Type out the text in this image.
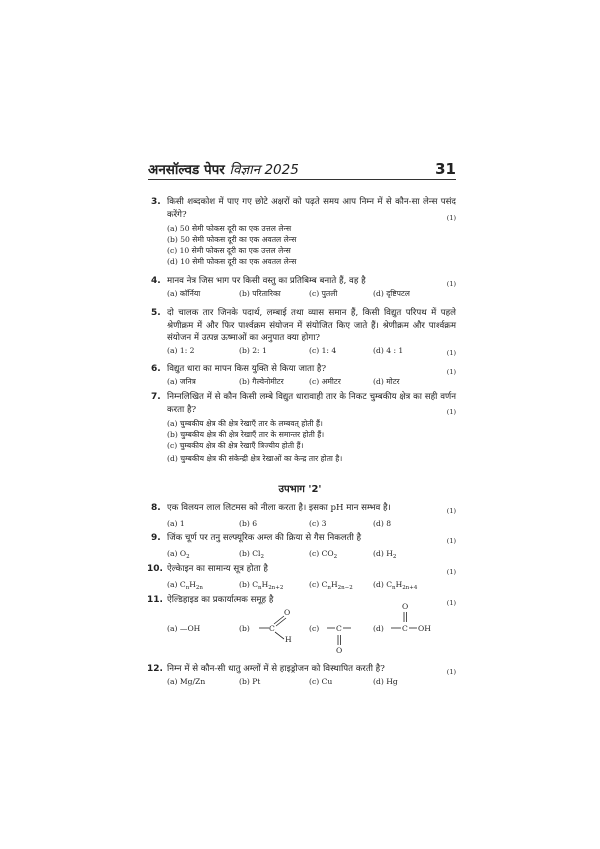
अनसॉल्वड पेपर विज्ञान 2025	31
3. किसी शब्दकोश में पाए गए छोटे अक्षरों को पढ़ते समय आप निम्न में से कौन-सा लेन्स पसंद करेंगे?	(1)
(a) 50 सेमी फोकस दूरी का एक उत्तल लेन्स
(b) 50 सेमी फोकस दूरी का एक अवतल लेन्स
(c) 10 सेमी फोकस दूरी का एक उत्तल लेन्स
(d) 10 सेमी फोकस दूरी का एक अवतल लेन्स
4. मानव नेत्र जिस भाग पर किसी वस्तु का प्रतिबिम्ब बनाते हैं, वह है	(1)
(a) कॉर्निया	(b) परितारिका	(c) पुतली	(d) दृष्टिपटल
5. दो चालक तार जिनके पदार्थ, लम्बाई तथा व्यास समान हैं, किसी विद्युत परिपथ में पहले श्रेणीक्रम में और फिर पार्श्वक्रम संयोजन में संयोजित किए जाते हैं। श्रेणीक्रम और पार्श्वक्रम संयोजन में उत्पन्न ऊष्माओं का अनुपात क्या होगा?
(1)
(a) 1: 2	(b) 2: 1	(c) 1: 4	(d) 4 : 1
6. विद्युत धारा का मापन किस युक्ति से किया जाता है?	(1)
(a) जनित्र	(b) गैल्वेनोमीटर	(c) अमीटर	(d) मोटर
7. निम्नलिखित में से कौन किसी लम्बे विद्युत धारावाही तार के निकट चुम्बकीय क्षेत्र का सही वर्णन करता है?	(1)
(a) चुम्बकीय क्षेत्र की क्षेत्र रेखाएँ तार के लम्बवत् होती हैं।
(b) चुम्बकीय क्षेत्र की क्षेत्र रेखाएँ तार के समान्तर होती हैं।
(c) चुम्बकीय क्षेत्र की क्षेत्र रेखाएँ त्रिज्यीय होती हैं।
(d) चुम्बकीय क्षेत्र की संकेन्द्री क्षेत्र रेखाओं का केन्द्र तार होता है।
उपभाग '2'
8. एक विलयन लाल लिटमस को नीला करता है। इसका pH मान सम्भव है।	(1)
(a) 1	(b) 6	(c) 3	(d) 8
9. जिंक चूर्ण पर तनु सल्फ्यूरिक अम्ल की क्रिया से गैस निकलती है	(1)
(a) $O_2$	(b) $Cl_2$	(c) $CO_2$	(d) $H_2$
10. ऐल्केाइन का सामान्य सूत्र होता है	(1)
(a) $C_nH_{2n}$	(b) $C_nH_{2n+2}$	(c) $C_nH_{2n-2}$	(d) $C_nH_{2n+4}$
11. ऐल्डिहाइड का प्रकार्यात्मक समूह है	(1)
(a) —OH	(b)	C
O
H
(c) C
O
(d)
O
C OH
12. निम्न में से कौन-सी धातु अम्लों में से हाइड्रोजन को विस्थापित करती है?	(1)
(a) Mg/Zn	(b) Pt	(c) Cu	(d) Hg
